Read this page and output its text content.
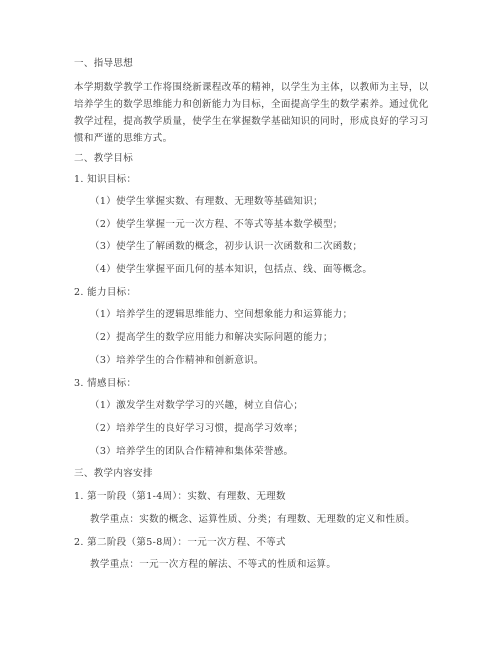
一、指导思想
本学期数学教学工作将围绕新课程改革的精神，以学生为主体，以教师为主导，以
培养学生的数学思维能力和创新能力为目标，全面提高学生的数学素养。通过优化
教学过程，提高教学质量，使学生在掌握数学基础知识的同时，形成良好的学习习
惯和严谨的思维方式。
二、教学目标
1. 知识目标：
（1）使学生掌握实数、有理数、无理数等基础知识；
（2）使学生掌握一元一次方程、不等式等基本数学模型；
（3）使学生了解函数的概念，初步认识一次函数和二次函数；
（4）使学生掌握平面几何的基本知识，包括点、线、面等概念。
2. 能力目标：
（1）培养学生的逻辑思维能力、空间想象能力和运算能力；
（2）提高学生的数学应用能力和解决实际问题的能力；
（3）培养学生的合作精神和创新意识。
3. 情感目标：
（1）激发学生对数学学习的兴趣，树立自信心；
（2）培养学生的良好学习习惯，提高学习效率；
（3）培养学生的团队合作精神和集体荣誉感。
三、教学内容安排
1. 第一阶段（第1-4周）：实数、有理数、无理数
教学重点：实数的概念、运算性质、分类；有理数、无理数的定义和性质。
2. 第二阶段（第5-8周）：一元一次方程、不等式
教学重点：一元一次方程的解法、不等式的性质和运算。
